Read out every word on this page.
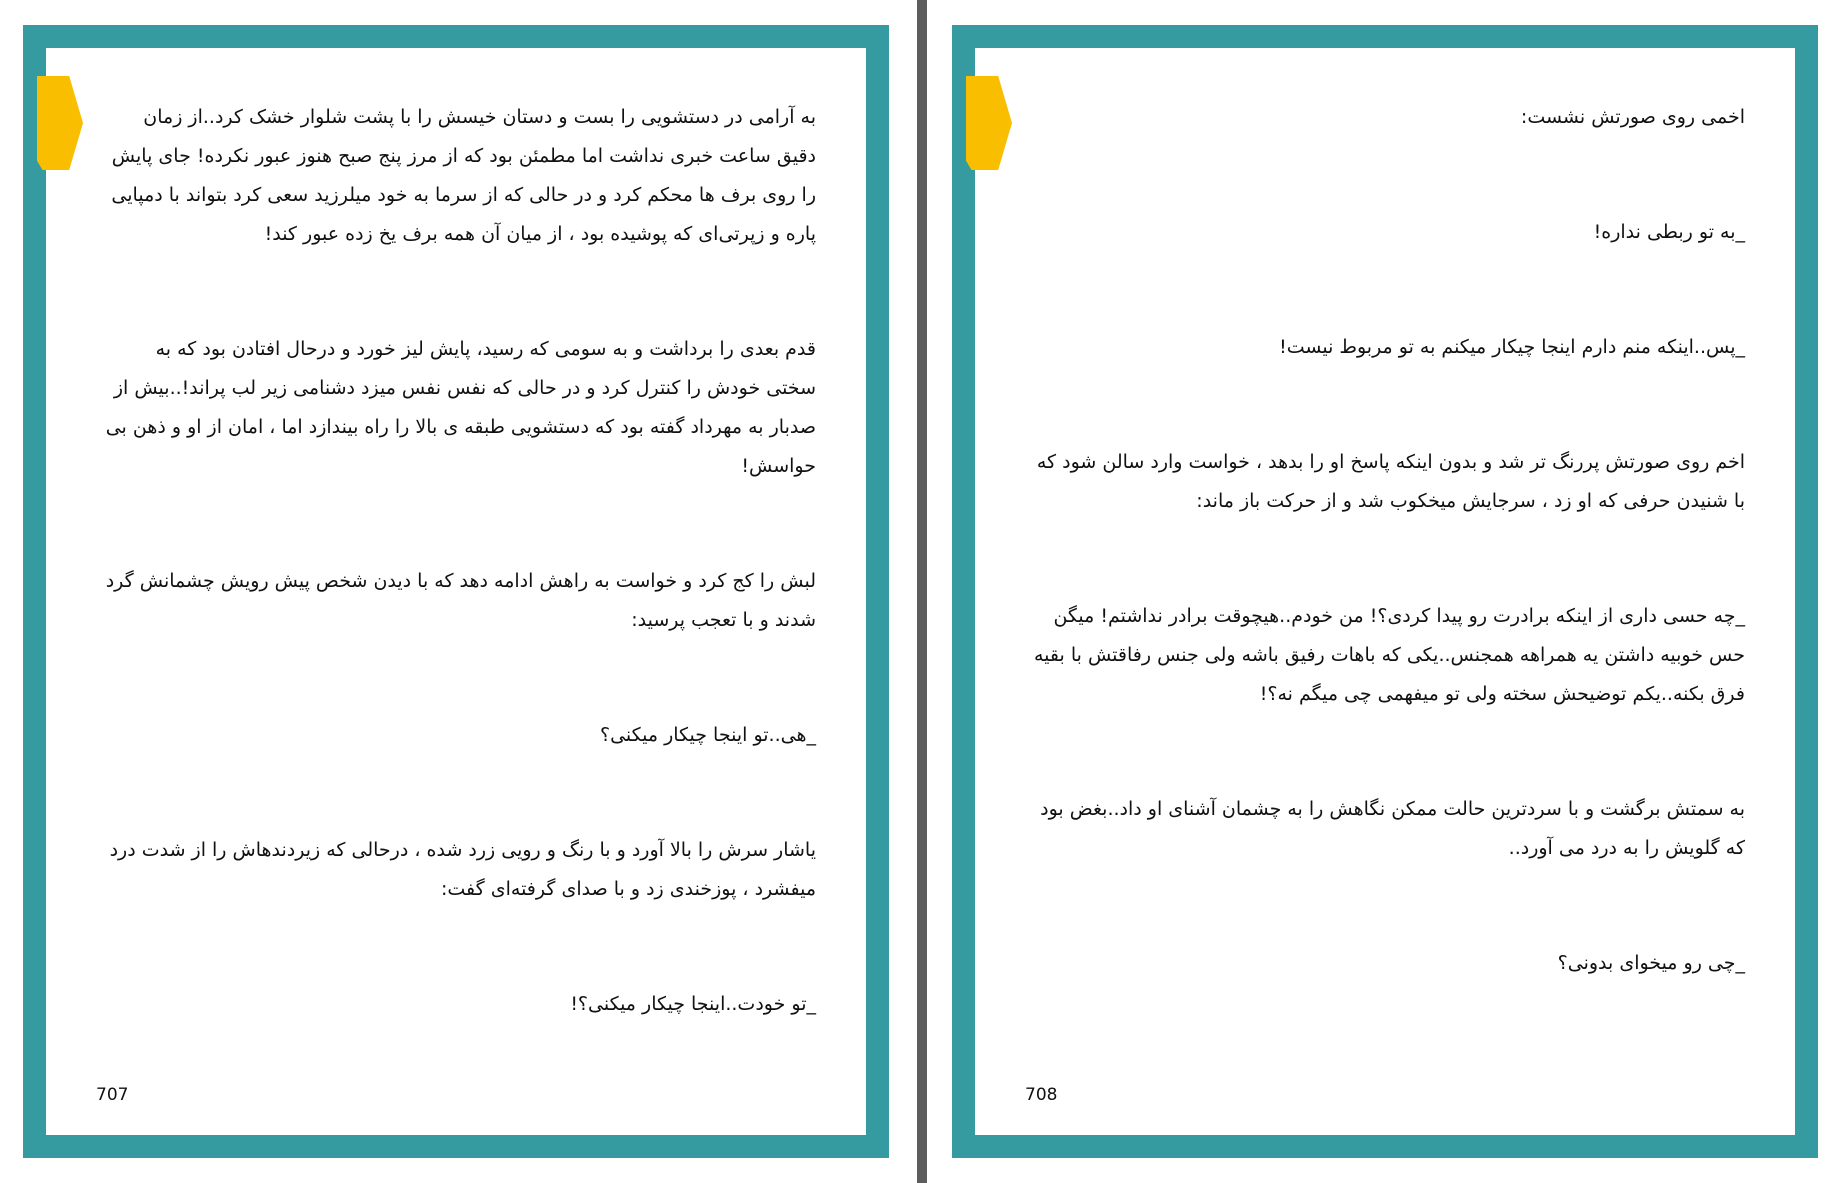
به آرامی در دستشویی را بست و دستان خیسش را با پشت شلوار خشک کرد..از زمان دقیق ساعت خبری نداشت اما مطمئن بود که از مرز پنج صبح هنوز عبور نکرده! جای پایش را روی برف ها محکم کرد و در حالی که از سرما به خود میلرزید سعی کرد بتواند با دمپایی پاره و زپرتی‌ای که پوشیده بود ، از میان آن همه برف یخ زده عبور کند!

قدم بعدی را برداشت و به سومی که رسید، پایش لیز خورد و درحال افتادن بود که به سختی خودش را کنترل کرد و در حالی که نفس نفس میزد دشنامی زیر لب پراند!..بیش از صدبار به مهرداد گفته بود که دستشویی طبقه ی بالا را راه بیندازد اما ، امان از او و ذهن بی حواسش!

لبش را کج کرد و خواست به راهش ادامه دهد که با دیدن شخص پیش رویش چشمانش گرد شدند و با تعجب پرسید:

_هی..تو اینجا چیکار میکنی؟

یاشار سرش را بالا آورد و با رنگ و رویی زرد شده ، درحالی که زیردندهاش را از شدت درد میفشرد ، پوزخندی زد و با صدای گرفته‌ای گفت:

_تو خودت..اینجا چیکار میکنی؟!

707

اخمی روی صورتش نشست:

_به تو ربطی نداره!

_پس..اینکه منم دارم اینجا چیکار میکنم به تو مربوط نیست!

اخم روی صورتش پررنگ تر شد و بدون اینکه پاسخ او را بدهد ، خواست وارد سالن شود که با شنیدن حرفی که او زد ، سرجایش میخکوب شد و از حرکت باز ماند:

_چه حسی داری از اینکه برادرت رو پیدا کردی؟! من خودم..هیچوقت برادر نداشتم! میگن حس خوبیه داشتن یه همراهه همجنس..یکی که باهات رفیق باشه ولی جنس رفاقتش با بقیه فرق بکنه..یکم توضیحش سخته ولی تو میفهمی چی میگم نه؟!

به سمتش برگشت و با سردترین حالت ممکن نگاهش را به چشمان آشنای او داد..بغض بود که گلویش را به درد می آورد..

_چی رو میخوای بدونی؟

708
